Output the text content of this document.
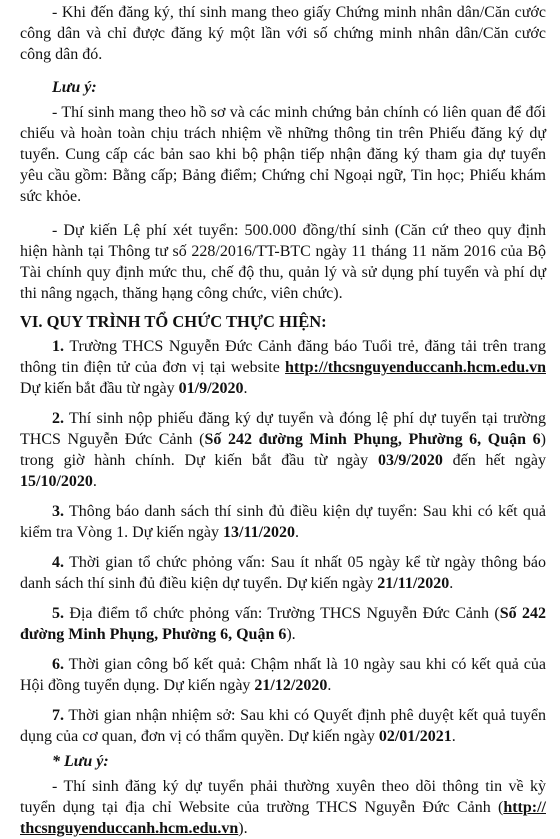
- Khi đến đăng ký, thí sinh mang theo giấy Chứng minh nhân dân/Căn cước công dân và chỉ được đăng ký một lần với số chứng minh nhân dân/Căn cước công dân đó.

Lưu ý:

- Thí sinh mang theo hồ sơ và các minh chứng bản chính có liên quan để đối chiếu và hoàn toàn chịu trách nhiệm về những thông tin trên Phiếu đăng ký dự tuyển. Cung cấp các bản sao khi bộ phận tiếp nhận đăng ký tham gia dự tuyển yêu cầu gồm: Bằng cấp; Bảng điểm; Chứng chỉ Ngoại ngữ, Tin học; Phiếu khám sức khỏe.

- Dự kiến Lệ phí xét tuyển: 500.000 đồng/thí sinh (Căn cứ theo quy định hiện hành tại Thông tư số 228/2016/TT-BTC ngày 11 tháng 11 năm 2016 của Bộ Tài chính quy định mức thu, chế độ thu, quản lý và sử dụng phí tuyển và phí dự thi nâng ngạch, thăng hạng công chức, viên chức).

VI. QUY TRÌNH TỔ CHỨC THỰC HIỆN:

1. Trường THCS Nguyễn Đức Cảnh đăng báo Tuổi trẻ, đăng tải trên trang thông tin điện tử của đơn vị tại website http://thcsnguyenduccanh.hcm.edu.vn Dự kiến bắt đầu từ ngày 01/9/2020.

2. Thí sinh nộp phiếu đăng ký dự tuyển và đóng lệ phí dự tuyển tại trường THCS Nguyễn Đức Cảnh (Số 242 đường Minh Phụng, Phường 6, Quận 6) trong giờ hành chính. Dự kiến bắt đầu từ ngày 03/9/2020 đến hết ngày 15/10/2020.

3. Thông báo danh sách thí sinh đủ điều kiện dự tuyển: Sau khi có kết quả kiểm tra Vòng 1. Dự kiến ngày 13/11/2020.

4. Thời gian tổ chức phỏng vấn: Sau ít nhất 05 ngày kể từ ngày thông báo danh sách thí sinh đủ điều kiện dự tuyển. Dự kiến ngày 21/11/2020.

5. Địa điểm tổ chức phỏng vấn: Trường THCS Nguyễn Đức Cảnh (Số 242 đường Minh Phụng, Phường 6, Quận 6).

6. Thời gian công bố kết quả: Chậm nhất là 10 ngày sau khi có kết quả của Hội đồng tuyển dụng. Dự kiến ngày 21/12/2020.

7. Thời gian nhận nhiệm sở: Sau khi có Quyết định phê duyệt kết quả tuyển dụng của cơ quan, đơn vị có thẩm quyền. Dự kiến ngày 02/01/2021.

* Lưu ý:

- Thí sinh đăng ký dự tuyển phải thường xuyên theo dõi thông tin về kỳ tuyển dụng tại địa chỉ Website của trường THCS Nguyễn Đức Cảnh (http:// thcsnguyenduccanh.hcm.edu.vn).
